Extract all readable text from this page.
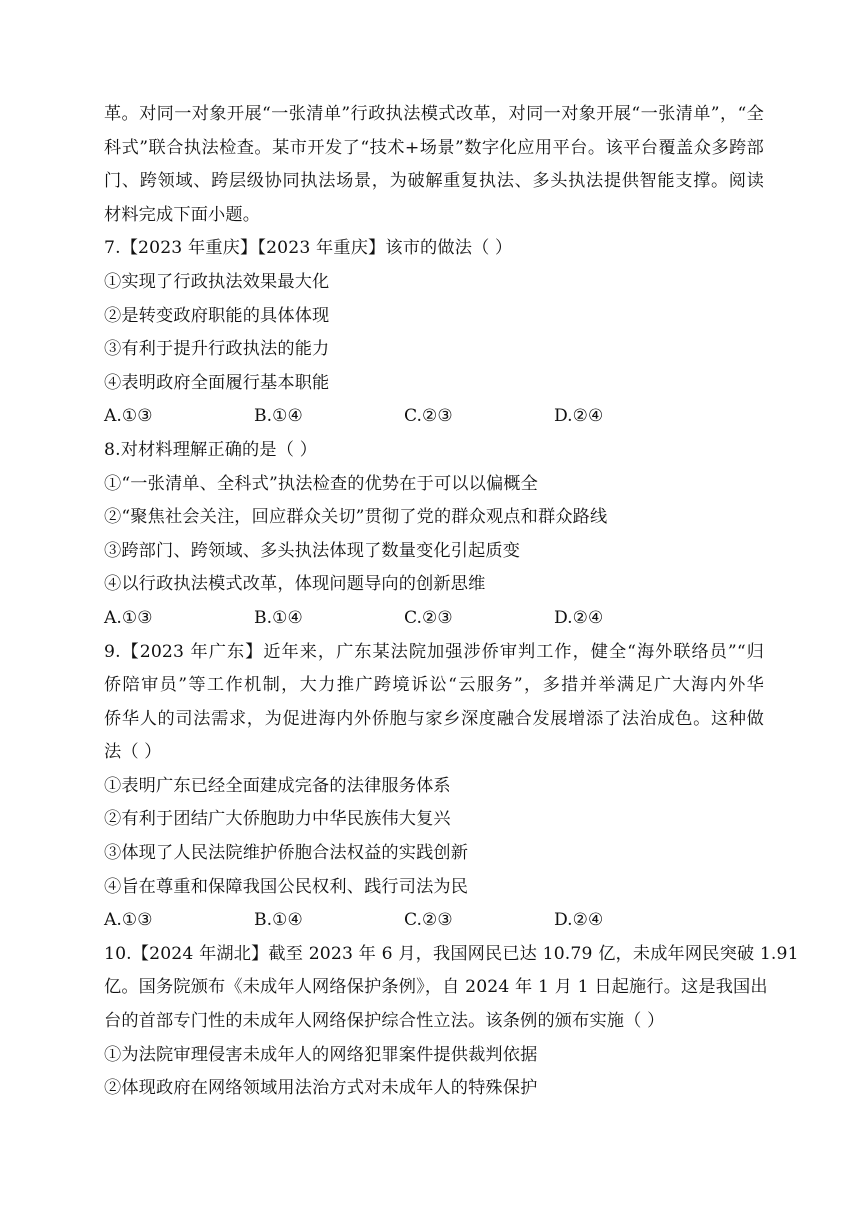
革。对同一对象开展“一张清单”行政执法模式改革，对同一对象开展“一张清单”，“全
科式”联合执法检查。某市开发了“技术+场景”数字化应用平台。该平台覆盖众多跨部
门、跨领域、跨层级协同执法场景，为破解重复执法、多头执法提供智能支撑。阅读
材料完成下面小题。
7.【2023 年重庆】【2023 年重庆】该市的做法（ ）
①实现了行政执法效果最大化
②是转变政府职能的具体体现
③有利于提升行政执法的能力
④表明政府全面履行基本职能
A.①③	B.①④	C.②③	D.②④
8.对材料理解正确的是（ ）
①“一张清单、全科式”执法检查的优势在于可以以偏概全
②“聚焦社会关注，回应群众关切”贯彻了党的群众观点和群众路线
③跨部门、跨领域、多头执法体现了数量变化引起质变
④以行政执法模式改革，体现问题导向的创新思维
A.①③	B.①④	C.②③	D.②④
9.【2023 年广东】近年来，广东某法院加强涉侨审判工作，健全“海外联络员”“归
侨陪审员”等工作机制，大力推广跨境诉讼“云服务”，多措并举满足广大海内外华
侨华人的司法需求，为促进海内外侨胞与家乡深度融合发展增添了法治成色。这种做
法（ ）
①表明广东已经全面建成完备的法律服务体系
②有利于团结广大侨胞助力中华民族伟大复兴
③体现了人民法院维护侨胞合法权益的实践创新
④旨在尊重和保障我国公民权利、践行司法为民
A.①③	B.①④	C.②③	D.②④
10.【2024 年湖北】截至 2023 年 6 月，我国网民已达 10.79 亿，未成年网民突破 1.91
亿。国务院颁布《未成年人网络保护条例》，自 2024 年 1 月 1 日起施行。这是我国出
台的首部专门性的未成年人网络保护综合性立法。该条例的颁布实施（ ）
①为法院审理侵害未成年人的网络犯罪案件提供裁判依据
②体现政府在网络领域用法治方式对未成年人的特殊保护
